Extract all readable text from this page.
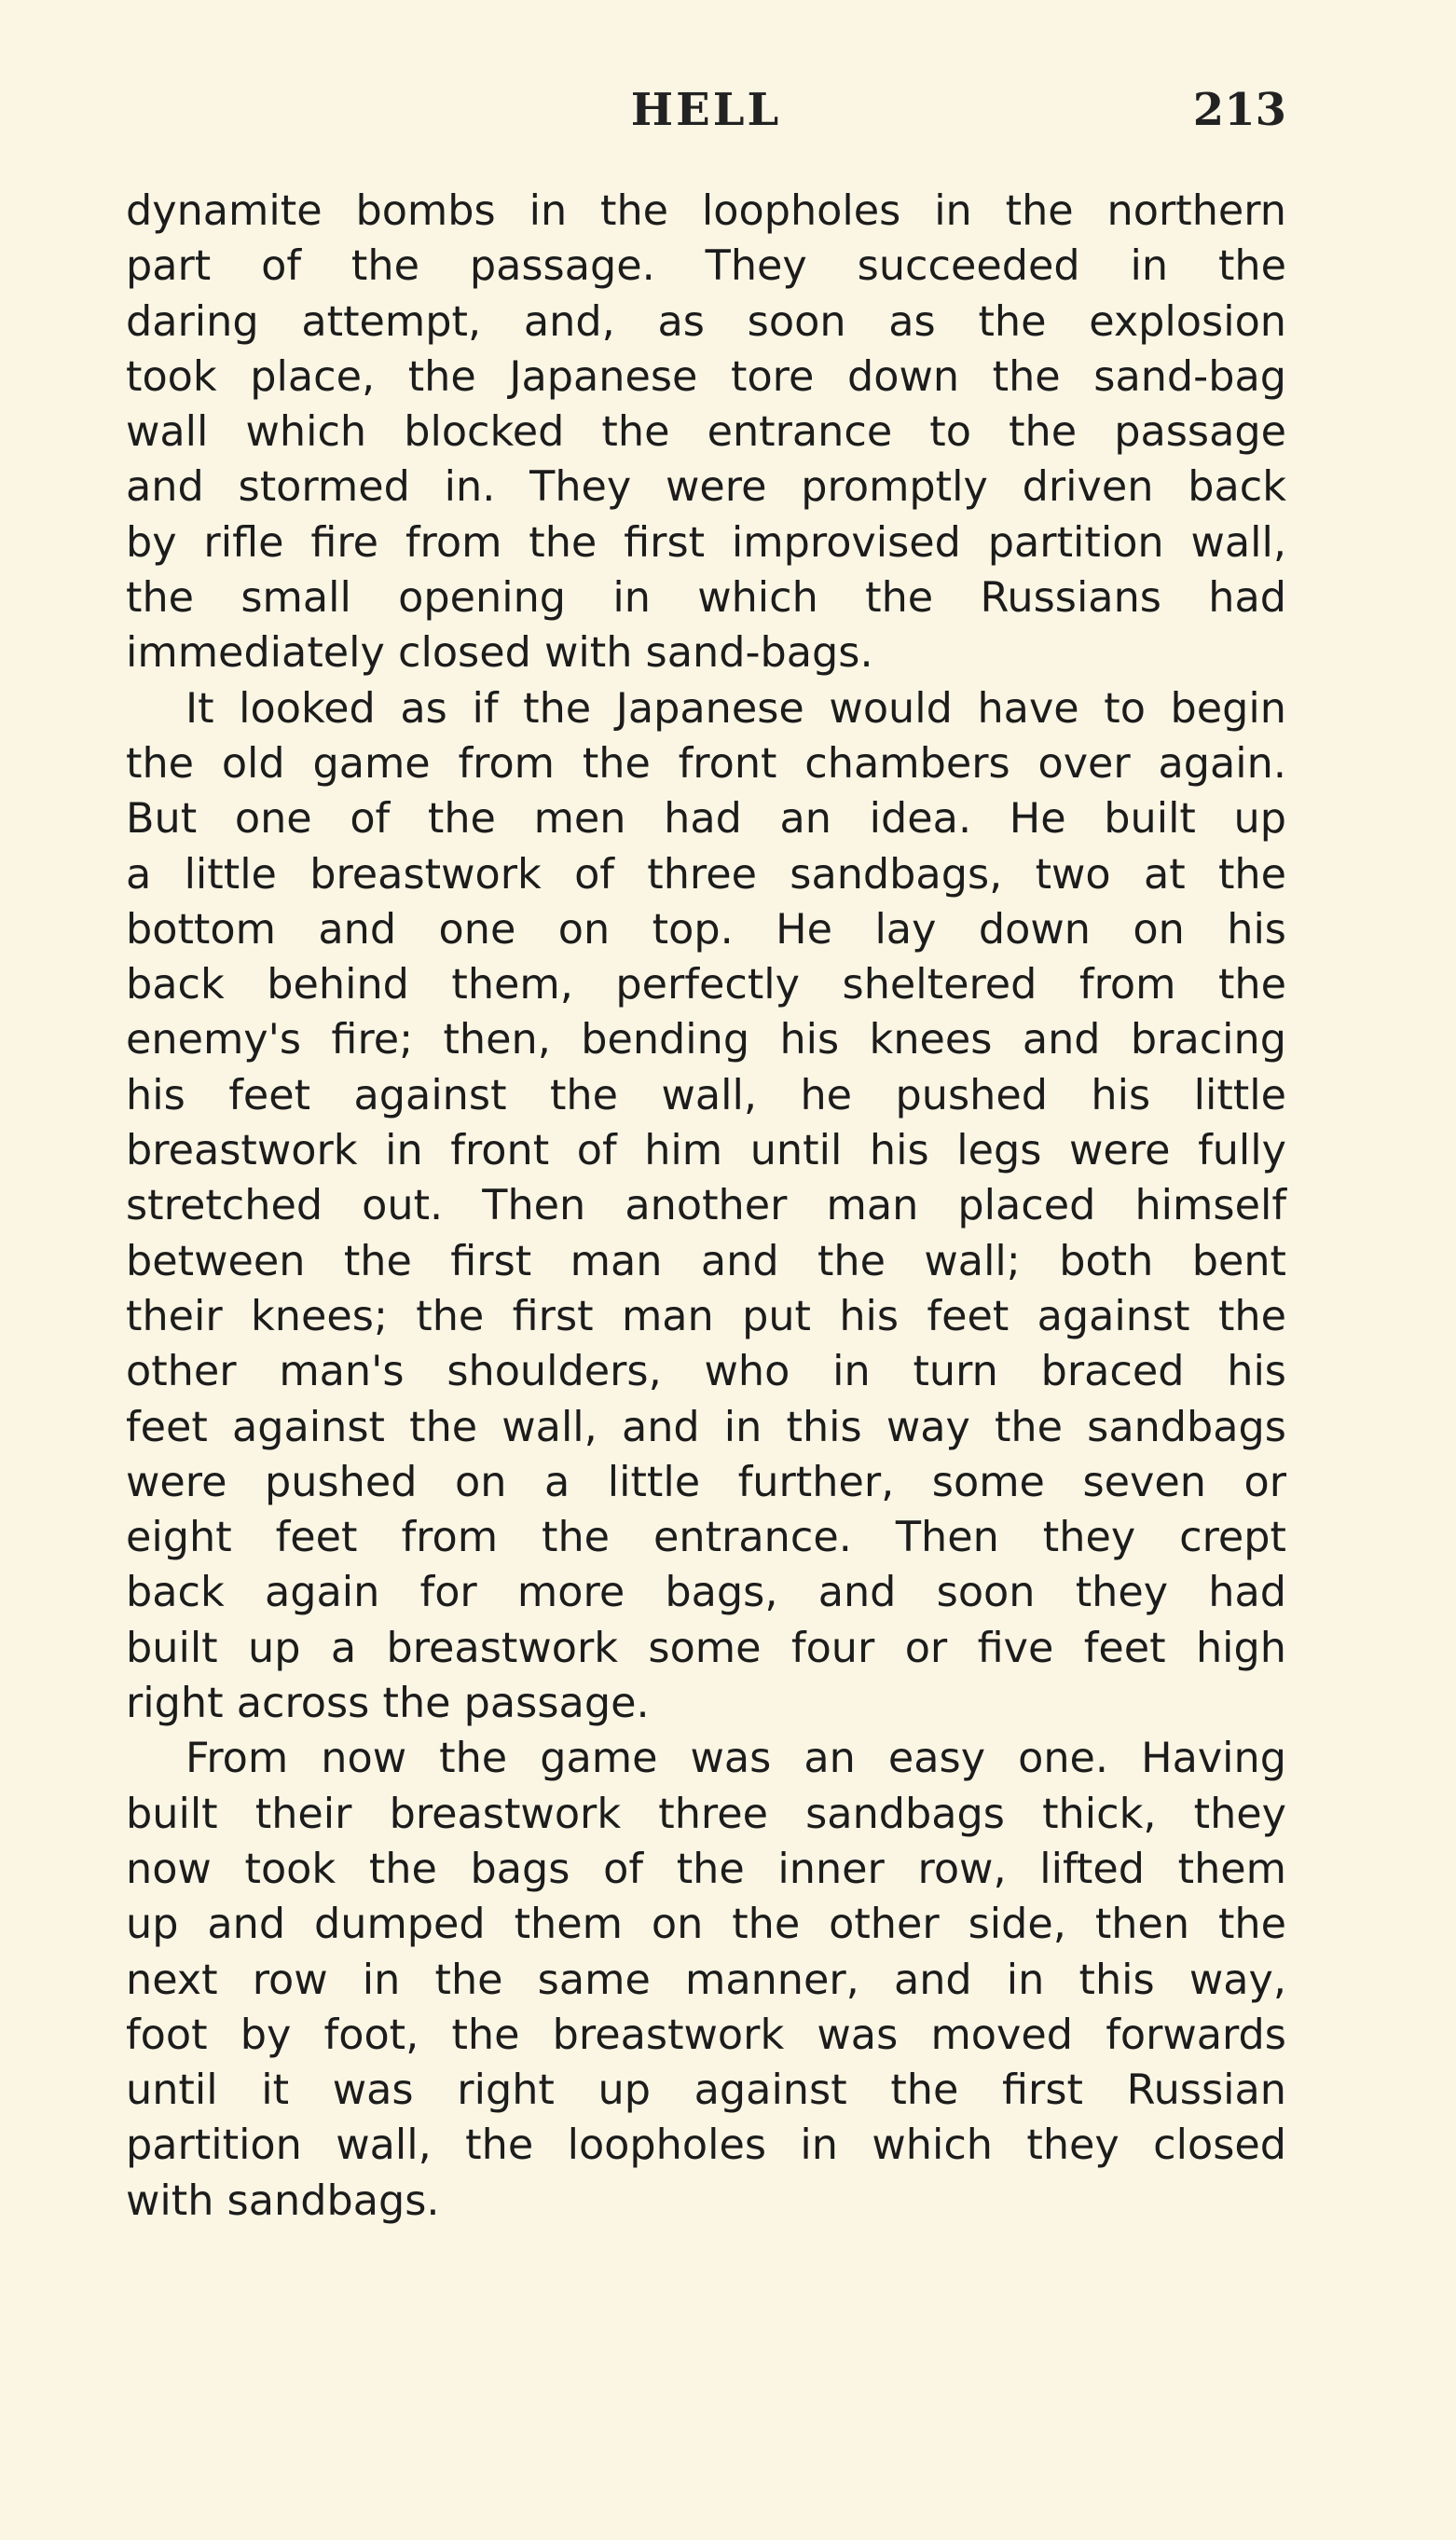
HELL	213
dynamite bombs in the loopholes in the northern
part of the passage. They succeeded in the
daring attempt, and, as soon as the explosion
took place, the Japanese tore down the sand-bag
wall which blocked the entrance to the passage
and stormed in. They were promptly driven back
by rifle fire from the first improvised partition wall,
the small opening in which the Russians had
immediately closed with sand-bags.
It looked as if the Japanese would have to begin
the old game from the front chambers over again.
But one of the men had an idea. He built up
a little breastwork of three sandbags, two at the
bottom and one on top. He lay down on his
back behind them, perfectly sheltered from the
enemy's fire; then, bending his knees and bracing
his feet against the wall, he pushed his little
breastwork in front of him until his legs were fully
stretched out. Then another man placed himself
between the first man and the wall; both bent
their knees; the first man put his feet against the
other man's shoulders, who in turn braced his
feet against the wall, and in this way the sandbags
were pushed on a little further, some seven or
eight feet from the entrance. Then they crept
back again for more bags, and soon they had
built up a breastwork some four or five feet high
right across the passage.
From now the game was an easy one. Having
built their breastwork three sandbags thick, they
now took the bags of the inner row, lifted them
up and dumped them on the other side, then the
next row in the same manner, and in this way,
foot by foot, the breastwork was moved forwards
until it was right up against the first Russian
partition wall, the loopholes in which they closed
with sandbags.
